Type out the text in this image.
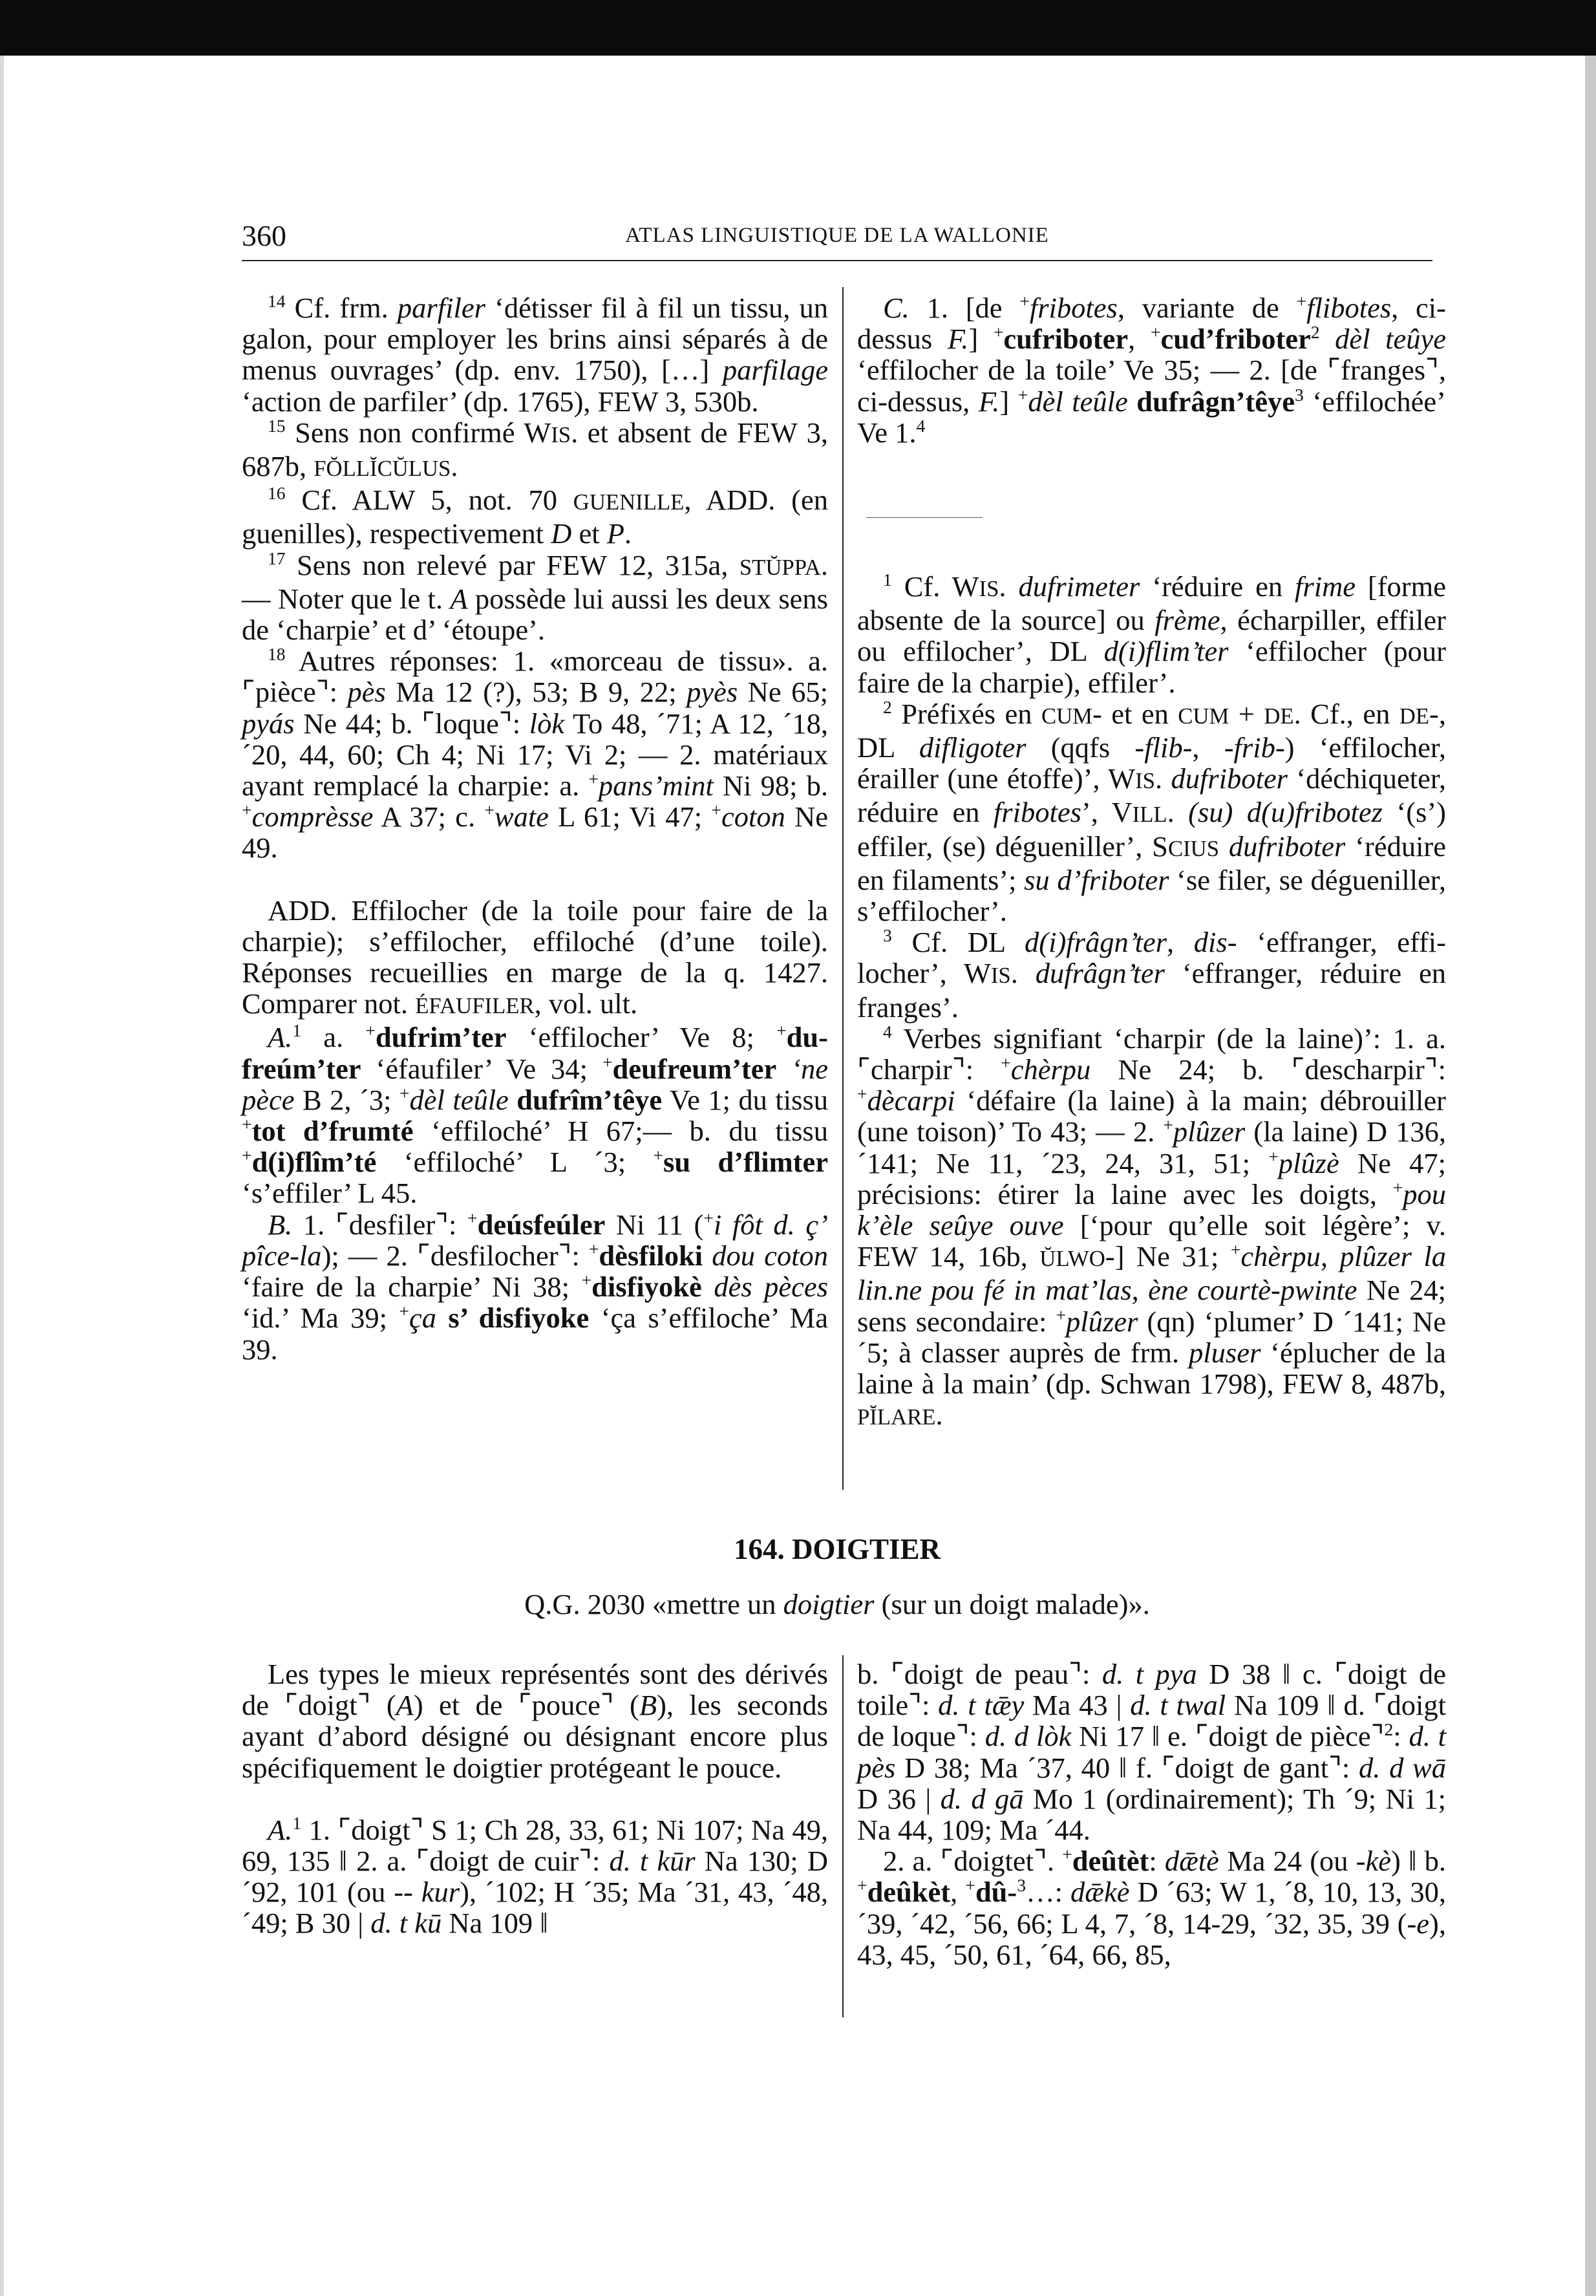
360	ATLAS LINGUISTIQUE DE LA WALLONIE

$^{14}$ Cf. frm. parfiler ‘détisser fil à fil un tissu, un galon, pour employer les brins ainsi séparés à de menus ouvrages’ (dp. env. 1750), […] parfilage ‘action de parfiler’ (dp. 1765), FEW 3, 530b.

$^{15}$ Sens non confirmé WIS. et absent de FEW 3, 687b, FŎLLĬCŬLUS.

$^{16}$ Cf. ALW 5, not. 70 GUENILLE, ADD. (en guenilles), respectivement D et P.

$^{17}$ Sens non relevé par FEW 12, 315a, STŬPPA. — Noter que le t. A possède lui aussi les deux sens de ‘charpie’ et d’ ‘étoupe’.

$^{18}$ Autres réponses: 1. «morceau de tissu». a. ⌜pièce⌝: pès Ma 12 (?), 53; B 9, 22; pyès Ne 65; pyás Ne 44; b. ⌜loque⌝: lòk To 48, ´71; A 12, ´18, ´20, 44, 60; Ch 4; Ni 17; Vi 2; — 2. matériaux ayant remplacé la charpie: a. +pans’mint Ni 98; b. +comprèsse A 37; c. +wate L 61; Vi 47; +coton Ne 49.

ADD. Effilocher (de la toile pour faire de la charpie); s’effilocher, effiloché (d’une toile). Réponses recueillies en marge de la q. 1427. Comparer not. ÉFAUFILER, vol. ult.

A.$^1$ a. +dufrim’ter ‘effilocher’ Ve 8; +dufreúm’ter ‘éfaufiler’ Ve 34; +deufreum’ter ‘ne pèce B 2, ´3; +dèl teûle dufrîm’têye Ve 1; du tissu +tot d’frumté ‘effiloché’ H 67;— b. du tissu +d(i)flîm’té ‘effiloché’ L ´3; +su d’flimter ‘s’effiler’ L 45.

B. 1. ⌜desfiler⌝: +deúsfeúler Ni 11 (+i fôt d. ç’ pîce-la); — 2. ⌜desfilocher⌝: +dèsfiloki dou coton ‘faire de la charpie’ Ni 38; +disfiyokè dès pèces ‘id.’ Ma 39; +ça s’ disfiyoke ‘ça s’effiloche’ Ma 39.

C. 1. [de +fribotes, variante de +flibotes, ci-dessus F.] +cufriboter, +cud’friboter$^2$ dèl teûye ‘effilocher de la toile’ Ve 35; — 2. [de ⌜franges⌝, ci-dessus, F.] +dèl teûle dufrâgn’têye$^3$ ‘effilochée’ Ve 1.$^4$

$^1$ Cf. WIS. dufrimeter ‘réduire en frime [forme absente de la source] ou frème, écharpiller, effiler ou effilocher’, DL d(i)flim’ter ‘effilocher (pour faire de la charpie), effiler’.

$^2$ Préfixés en CUM- et en CUM + DE. Cf., en DE-, DL difligoter (qqfs -flib-, -frib-) ‘effilocher, érailler (une étoffe)’, WIS. dufriboter ‘déchiqueter, réduire en fribotes’, VILL. (su) d(u)fribotez ‘(s’) effiler, (se) dégueniller’, SCIUS dufriboter ‘réduire en filaments’; su d’friboter ‘se filer, se dégueniller, s’effilocher’.

$^3$ Cf. DL d(i)frâgn’ter, dis- ‘effranger, effilocher’, WIS. dufrâgn’ter ‘effranger, réduire en franges’.

$^4$ Verbes signifiant ‘charpir (de la laine)’: 1. a. ⌜charpir⌝: +chèrpu Ne 24; b. ⌜descharpir⌝: +dècarpi ‘défaire (la laine) à la main; débrouiller (une toison)’ To 43; — 2. +plûzer (la laine) D 136, ´141; Ne 11, ´23, 24, 31, 51; +plûzè Ne 47; précisions: étirer la laine avec les doigts, +pou k’èle seûye ouve [‘pour qu’elle soit légère’; v. FEW 14, 16b, ŬLWO-] Ne 31; +chèrpu, plûzer la lin.ne pou fé in mat’las, ène courtè-pwinte Ne 24; sens secondaire: +plûzer (qn) ‘plumer’ D ´141; Ne ´5; à classer auprès de frm. pluser ‘éplucher de la laine à la main’ (dp. Schwan 1798), FEW 8, 487b, PĬLARE.

164. DOIGTIER
Q.G. 2030 «mettre un doigtier (sur un doigt malade)».

Les types le mieux représentés sont des dérivés de ⌜doigt⌝ (A) et de ⌜pouce⌝ (B), les seconds ayant d’abord désigné ou désignant encore plus spécifiquement le doigtier protégeant le pouce.

A.$^1$ 1. ⌜doigt⌝ S 1; Ch 28, 33, 61; Ni 107; Na 49, 69, 135 ‖ 2. a. ⌜doigt de cuir⌝: d. t kūr Na 130; D ´92, 101 (ou -- kur), ´102; H ´35; Ma ´31, 43, ´48, ´49; B 30 | d. t kū Na 109 ‖

b. ⌜doigt de peau⌝: d. t pya D 38 ‖ c. ⌜doigt de toile⌝: d. t tǣy Ma 43 | d. t twal Na 109 ‖ d. ⌜doigt de loque⌝: d. d lòk Ni 17 ‖ e. ⌜doigt de pièce⌝$^2$: d. t pès D 38; Ma ´37, 40 ‖ f. ⌜doigt de gant⌝: d. d wā D 36 | d. d gā Mo 1 (ordinairement); Th ´9; Ni 1; Na 44, 109; Ma ´44.

2. a. ⌜doigtet⌝. +deûtèt: dǣtè Ma 24 (ou -kè) ‖ b. +deûkèt, +dû-$^3$…: dǣkè D ´63; W 1, ´8, 10, 13, 30, ´39, ´42, ´56, 66; L 4, 7, ´8, 14-29, ´32, 35, 39 (-e), 43, 45, ´50, 61, ´64, 66, 85,
